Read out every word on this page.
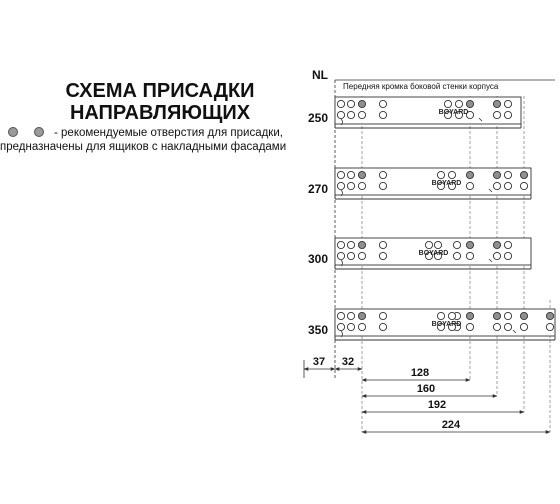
СХЕМА ПРИСАДКИ
НАПРАВЛЯЮЩИХ
- рекомендуемые отверстия для присадки,
предназначены для ящиков с накладными фасадами
NL
Передняя кромка боковой стенки корпуса
250	BOYARD
270	BOYARD
300	BOYARD
350	BOYARD
37 32
128
160
192
224
